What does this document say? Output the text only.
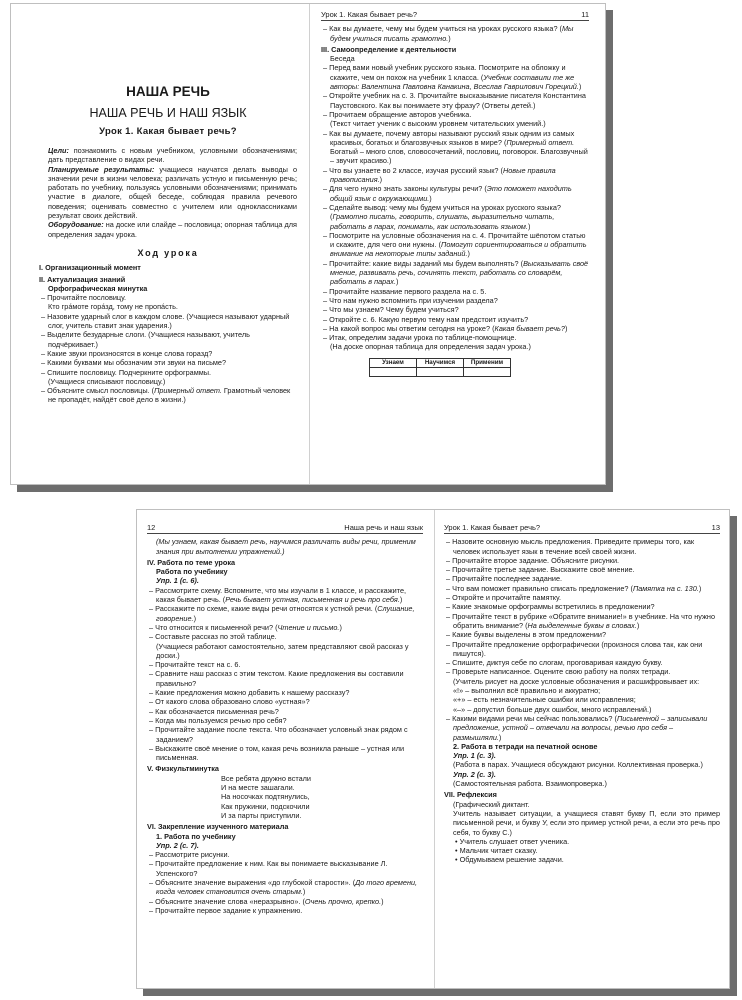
НАША РЕЧЬ
НАША РЕЧЬ И НАШ ЯЗЫК
Урок 1. Какая бывает речь?

Цели: познакомить с новым учебником, условными обозначениями; дать представление о видах речи.

Планируемые результаты: учащиеся научатся делать выводы о значении речи в жизни человека; различать устную и письменную речь; работать по учебнику, пользуясь условными обозначениями; принимать участие в диалоге, общей беседе, соблюдая правила речевого поведения; оценивать совместно с учителем или одноклассниками результат своих действий.

Оборудование: на доске или слайде – пословица; опорная таблица для определения задач урока.

Ход урока
I. Организационный момент
II. Актуализация знаний
Орфографическая минутка

– Прочитайте пословицу.

Кто грáмоте горáзд, тому не пропáсть.

– Назовите ударный слог в каждом слове. (Учащиеся называют ударный слог, учитель ставит знак ударения.)

– Выделите безударные слоги. (Учащиеся называют, учитель подчёркивает.)

– Какие звуки произносятся в конце слова горазд?

– Какими буквами мы обозначим эти звуки на письме?

– Спишите пословицу. Подчеркните орфограммы.

(Учащиеся списывают пословицу.)

– Объясните смысл пословицы. (Примерный ответ. Грамотный человек не пропадёт, найдёт своё дело в жизни.)

Урок 1. Какая бывает речь?	11

– Как вы думаете, чему мы будем учиться на уроках русского языка? (Мы будем учиться писать грамотно.)

III. Самоопределение к деятельности
Беседа

– Перед вами новый учебник русского языка. Посмотрите на обложку и скажите, чем он похож на учебник 1 класса. (Учебник составили те же авторы: Валентина Павловна Канакина, Всеслав Гаврилович Горецкий.)

– Откройте учебник на с. 3. Прочитайте высказывание писателя Константина Паустовского. Как вы понимаете эту фразу? (Ответы детей.)

– Прочитаем обращение авторов учебника.

(Текст читает ученик с высоким уровнем читательских умений.)

– Как вы думаете, почему авторы называют русский язык одним из самых красивых, богатых и благозвучных языков в мире? (Примерный ответ. Богатый – много слов, словосочетаний, пословиц, поговорок. Благозвучный – звучит красиво.)

– Что вы узнаете во 2 классе, изучая русский язык? (Новые правила правописания.)

– Для чего нужно знать законы культуры речи? (Это поможет находить общий язык с окружающими.)

– Сделайте вывод: чему мы будем учиться на уроках русского языка? (Грамотно писать, говорить, слушать, выразительно читать, работать в парах, понимать, как использовать языком.)

– Посмотрите на условные обозначения на с. 4. Прочитайте шёпотом статью и скажите, для чего они нужны. (Помогут сориентироваться и обратить внимание на некоторые типы заданий.)

– Прочитайте: какие виды заданий мы будем выполнять? (Высказывать своё мнение, развивать речь, сочинять текст, работать со словарём, работать в парах.)

– Прочитайте название первого раздела на с. 5.

– Что нам нужно вспомнить при изучении раздела?

– Что мы узнаем? Чему будем учиться?

– Откройте с. 6. Какую первую тему нам предстоит изучить?

– На какой вопрос мы ответим сегодня на уроке? (Какая бывает речь?)

– Итак, определим задачи урока по таблице-помощнице.

(На доске опорная таблица для определения задач урока.)

Узнаем	Научимся	Применим

12	Наша речь и наш язык

(Мы узнаем, какая бывает речь, научимся различать виды речи, применим знания при выполнении упражнений.)

IV. Работа по теме урока
Работа по учебнику
Упр. 1 (с. 6).

– Рассмотрите схему. Вспомните, что мы изучали в 1 классе, и расскажите, какая бывает речь. (Речь бывает устная, письменная и речь про себя.)

– Расскажите по схеме, какие виды речи относятся к устной речи. (Слушание, говорение.)

– Что относится к письменной речи? (Чтение и письмо.)

– Составьте рассказ по этой таблице.

(Учащиеся работают самостоятельно, затем представляют свой рассказ у доски.)

– Прочитайте текст на с. 6.

– Сравните наш рассказ с этим текстом. Какие предложения вы составили правильно?

– Какие предложения можно добавить к нашему рассказу?

– От какого слова образовано слово «устная»?

– Как обозначается письменная речь?

– Когда мы пользуемся речью про себя?

– Прочитайте задание после текста. Что обозначает условный знак рядом с заданием?

– Выскажите своё мнение о том, какая речь возникла раньше – устная или письменная.

V. Физкультминутка
Все ребята дружно встали
И на месте зашагали.
На носочках подтянулись,
Как пружинки, подскочили
И за парты приступили.
VI. Закрепление изученного материала
1. Работа по учебнику
Упр. 2 (с. 7).

– Рассмотрите рисунки.

– Прочитайте предложение к ним. Как вы понимаете высказывание Л. Успенского?

– Объясните значение выражения «до глубокой старости». (До того времени, когда человек становится очень старым.)

– Объясните значение слова «неразрывно». (Очень прочно, крепко.)

– Прочитайте первое задание к упражнению.

Урок 1. Какая бывает речь?	13

– Назовите основную мысль предложения. Приведите примеры того, как человек использует язык в течение всей своей жизни.

– Прочитайте второе задание. Объясните рисунки.

– Прочитайте третье задание. Выскажите своё мнение.

– Прочитайте последнее задание.

– Что вам поможет правильно списать предложение? (Памятка на с. 130.)

– Откройте и прочитайте памятку.

– Какие знакомые орфограммы встретились в предложении?

– Прочитайте текст в рубрике «Обратите внимание!» в учебнике. На что нужно обратить внимание? (На выделенные буквы в словах.)

– Какие буквы выделены в этом предложении?

– Прочитайте предложение орфографически (произнося слова так, как они пишутся).

– Спишите, диктуя себе по слогам, проговаривая каждую букву.

– Проверьте написанное. Оцените свою работу на полях тетради.

(Учитель рисует на доске условные обозначения и расшифровывает их:

«!» – выполнил всё правильно и аккуратно;

«+» – есть незначительные ошибки или исправления;

«–» – допустил больше двух ошибок, много исправлений.)

– Какими видами речи мы сейчас пользовались? (Письменной – записывали предложение, устной – отвечали на вопросы, речью про себя – размышляли.)

2. Работа в тетради на печатной основе
Упр. 1 (с. 3).

(Работа в парах. Учащиеся обсуждают рисунки. Коллективная проверка.)

Упр. 2 (с. 3).

(Самостоятельная работа. Взаимопроверка.)

VII. Рефлексия

(Графический диктант.

Учитель называет ситуации, а учащиеся ставят букву П, если это пример письменной речи, и букву У, если это пример устной речи, а если это речь про себя, то букву С.)

• Учитель слушает ответ ученика.

• Мальчик читает сказку.

• Обдумываем решение задачи.
